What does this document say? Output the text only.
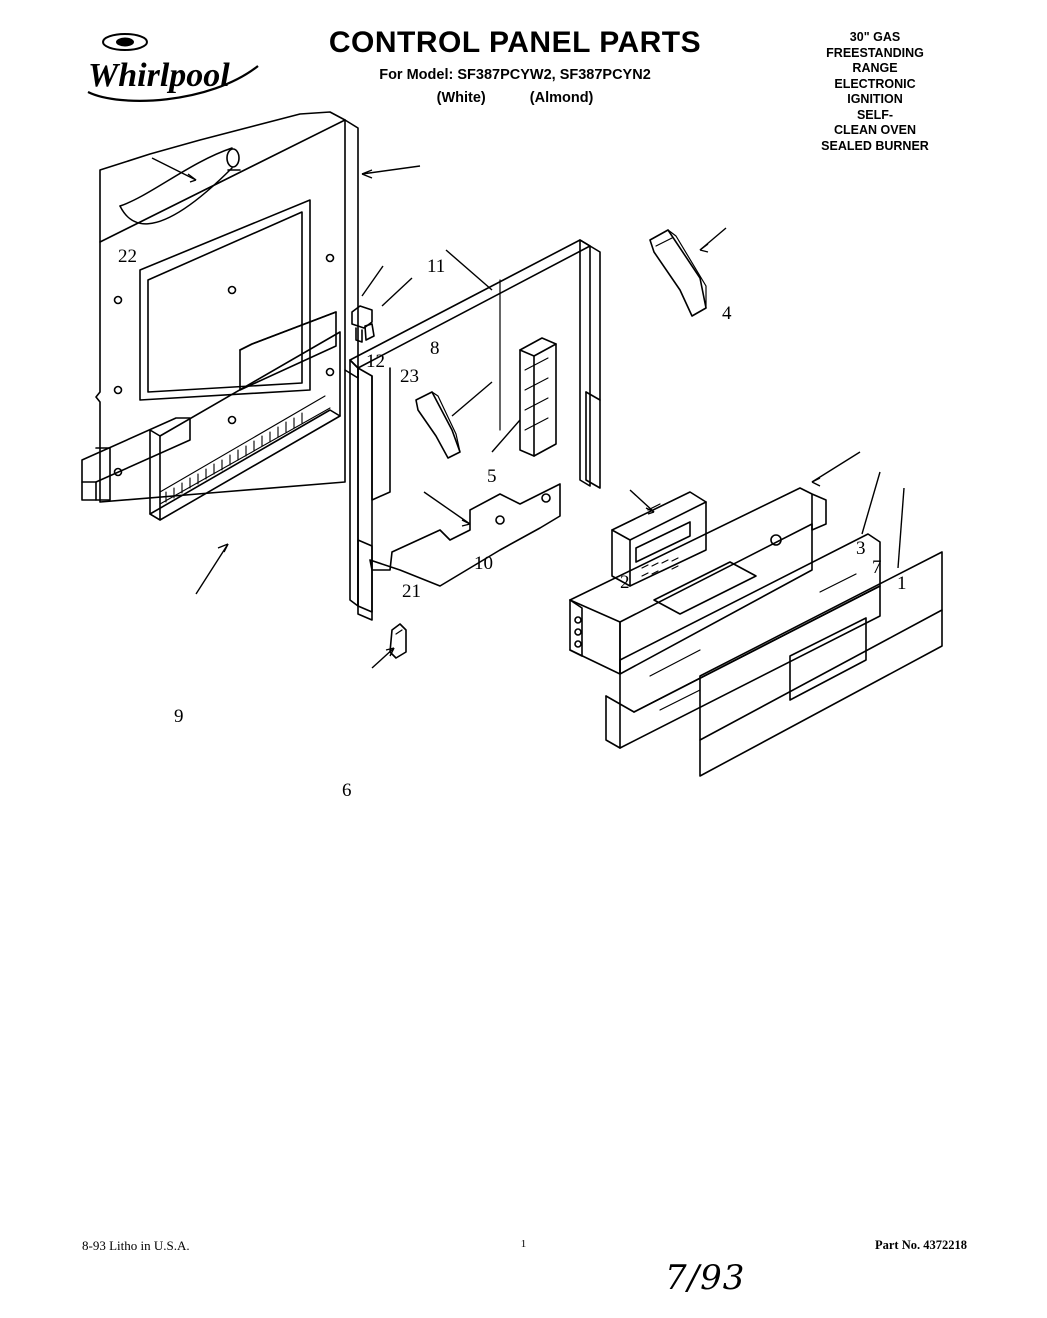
Whirlpool
CONTROL PANEL PARTS
For Model: SF387PCYW2, SF387PCYN2
(White)	(Almond)
30" GAS
FREESTANDING
RANGE
ELECTRONIC
IGNITION
SELF-
CLEAN OVEN
SEALED BURNER
22	11
4
8
12
23
5
10
3
7
1
2
21
9
6
8-93 Litho in U.S.A.	1	Part No. 4372218
7/93
